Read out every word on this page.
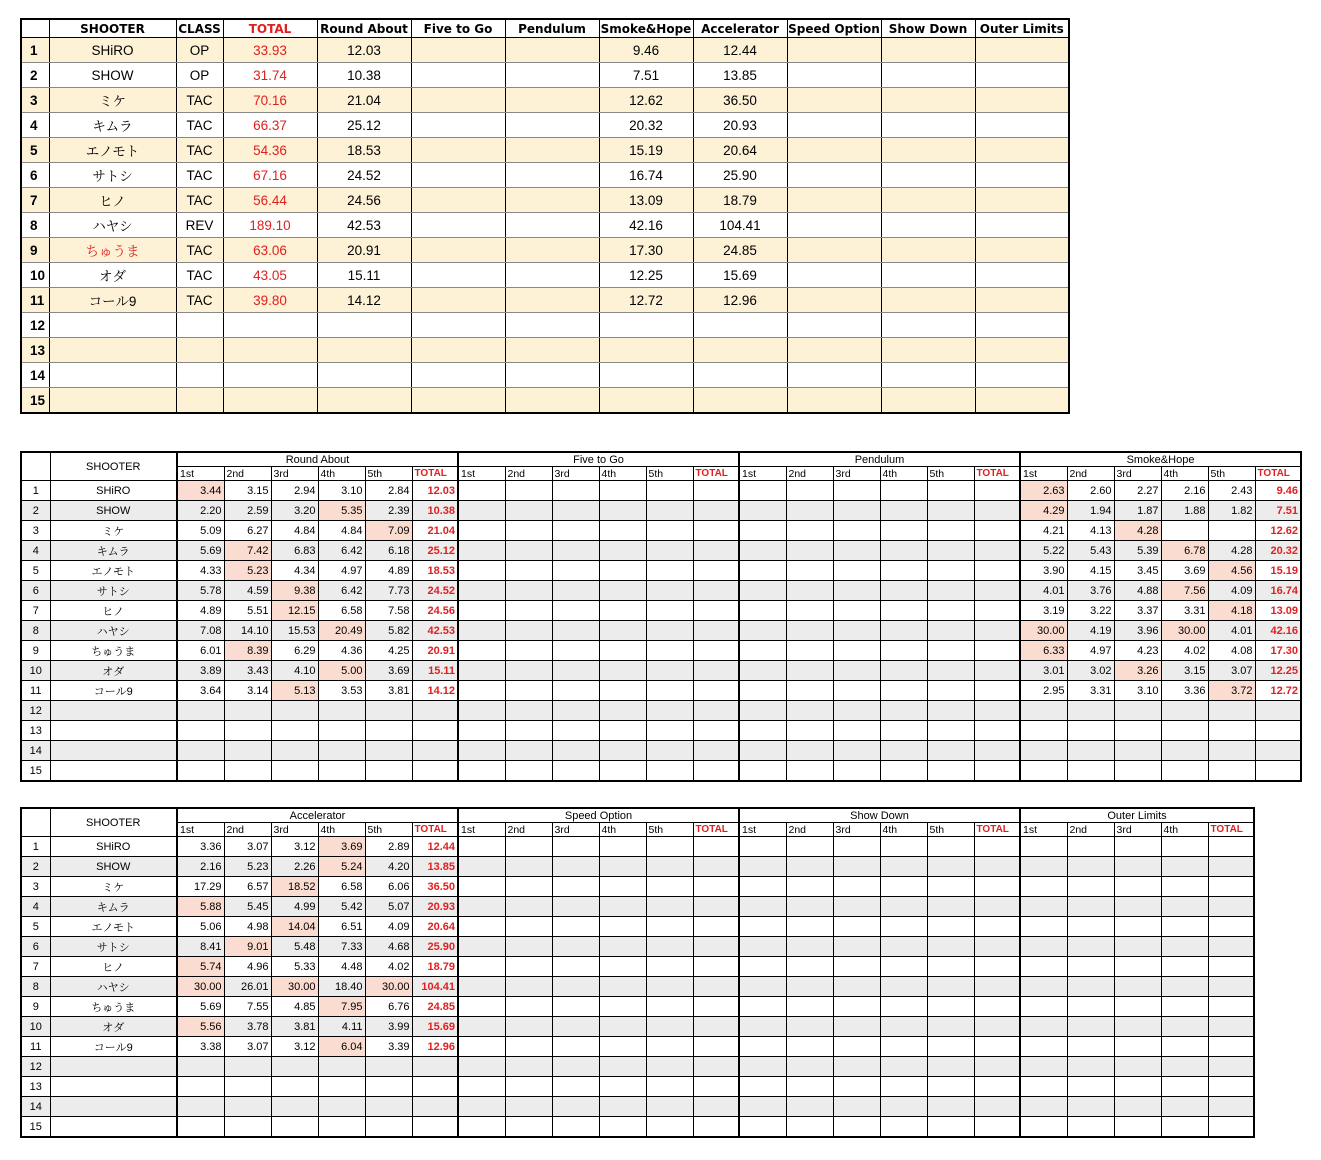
	SHOOTER	CLASS	TOTAL	Round About	Five to Go	Pendulum	Smoke&Hope	Accelerator	Speed Option	Show Down	Outer Limits
1	SHiRO	OP	33.93	12.03			9.46	12.44			
2	SHOW	OP	31.74	10.38			7.51	13.85			
3	ミケ	TAC	70.16	21.04			12.62	36.50			
4	キムラ	TAC	66.37	25.12			20.32	20.93			
5	エノモト	TAC	54.36	18.53			15.19	20.64			
6	サトシ	TAC	67.16	24.52			16.74	25.90			
7	ヒノ	TAC	56.44	24.56			13.09	18.79			
8	ハヤシ	REV	189.10	42.53			42.16	104.41			
9	ちゅうま	TAC	63.06	20.91			17.30	24.85			
10	オダ	TAC	43.05	15.11			12.25	15.69			
11	コール9	TAC	39.80	14.12			12.72	12.96			
12											
13											
14											
15											
	SHOOTER	Round About						Five to Go						Pendulum						Smoke&Hope					
		1st	2nd	3rd	4th	5th	TOTAL	1st	2nd	3rd	4th	5th	TOTAL	1st	2nd	3rd	4th	5th	TOTAL	1st	2nd	3rd	4th	5th	TOTAL
1	SHiRO	3.44	3.15	2.94	3.10	2.84	12.03													2.63	2.60	2.27	2.16	2.43	9.46
2	SHOW	2.20	2.59	3.20	5.35	2.39	10.38													4.29	1.94	1.87	1.88	1.82	7.51
3	ミケ	5.09	6.27	4.84	4.84	7.09	21.04													4.21	4.13	4.28			12.62
4	キムラ	5.69	7.42	6.83	6.42	6.18	25.12													5.22	5.43	5.39	6.78	4.28	20.32
5	エノモト	4.33	5.23	4.34	4.97	4.89	18.53													3.90	4.15	3.45	3.69	4.56	15.19
6	サトシ	5.78	4.59	9.38	6.42	7.73	24.52													4.01	3.76	4.88	7.56	4.09	16.74
7	ヒノ	4.89	5.51	12.15	6.58	7.58	24.56													3.19	3.22	3.37	3.31	4.18	13.09
8	ハヤシ	7.08	14.10	15.53	20.49	5.82	42.53													30.00	4.19	3.96	30.00	4.01	42.16
9	ちゅうま	6.01	8.39	6.29	4.36	4.25	20.91													6.33	4.97	4.23	4.02	4.08	17.30
10	オダ	3.89	3.43	4.10	5.00	3.69	15.11													3.01	3.02	3.26	3.15	3.07	12.25
11	コール9	3.64	3.14	5.13	3.53	3.81	14.12													2.95	3.31	3.10	3.36	3.72	12.72
12																									
13																									
14																									
15																									
	SHOOTER	Accelerator						Speed Option						Show Down						Outer Limits				
		1st	2nd	3rd	4th	5th	TOTAL	1st	2nd	3rd	4th	5th	TOTAL	1st	2nd	3rd	4th	5th	TOTAL	1st	2nd	3rd	4th	TOTAL
1	SHiRO	3.36	3.07	3.12	3.69	2.89	12.44																	
2	SHOW	2.16	5.23	2.26	5.24	4.20	13.85																	
3	ミケ	17.29	6.57	18.52	6.58	6.06	36.50																	
4	キムラ	5.88	5.45	4.99	5.42	5.07	20.93																	
5	エノモト	5.06	4.98	14.04	6.51	4.09	20.64																	
6	サトシ	8.41	9.01	5.48	7.33	4.68	25.90																	
7	ヒノ	5.74	4.96	5.33	4.48	4.02	18.79																	
8	ハヤシ	30.00	26.01	30.00	18.40	30.00	104.41																	
9	ちゅうま	5.69	7.55	4.85	7.95	6.76	24.85																	
10	オダ	5.56	3.78	3.81	4.11	3.99	15.69																	
11	コール9	3.38	3.07	3.12	6.04	3.39	12.96																	
12																								
13																								
14																								
15																								
